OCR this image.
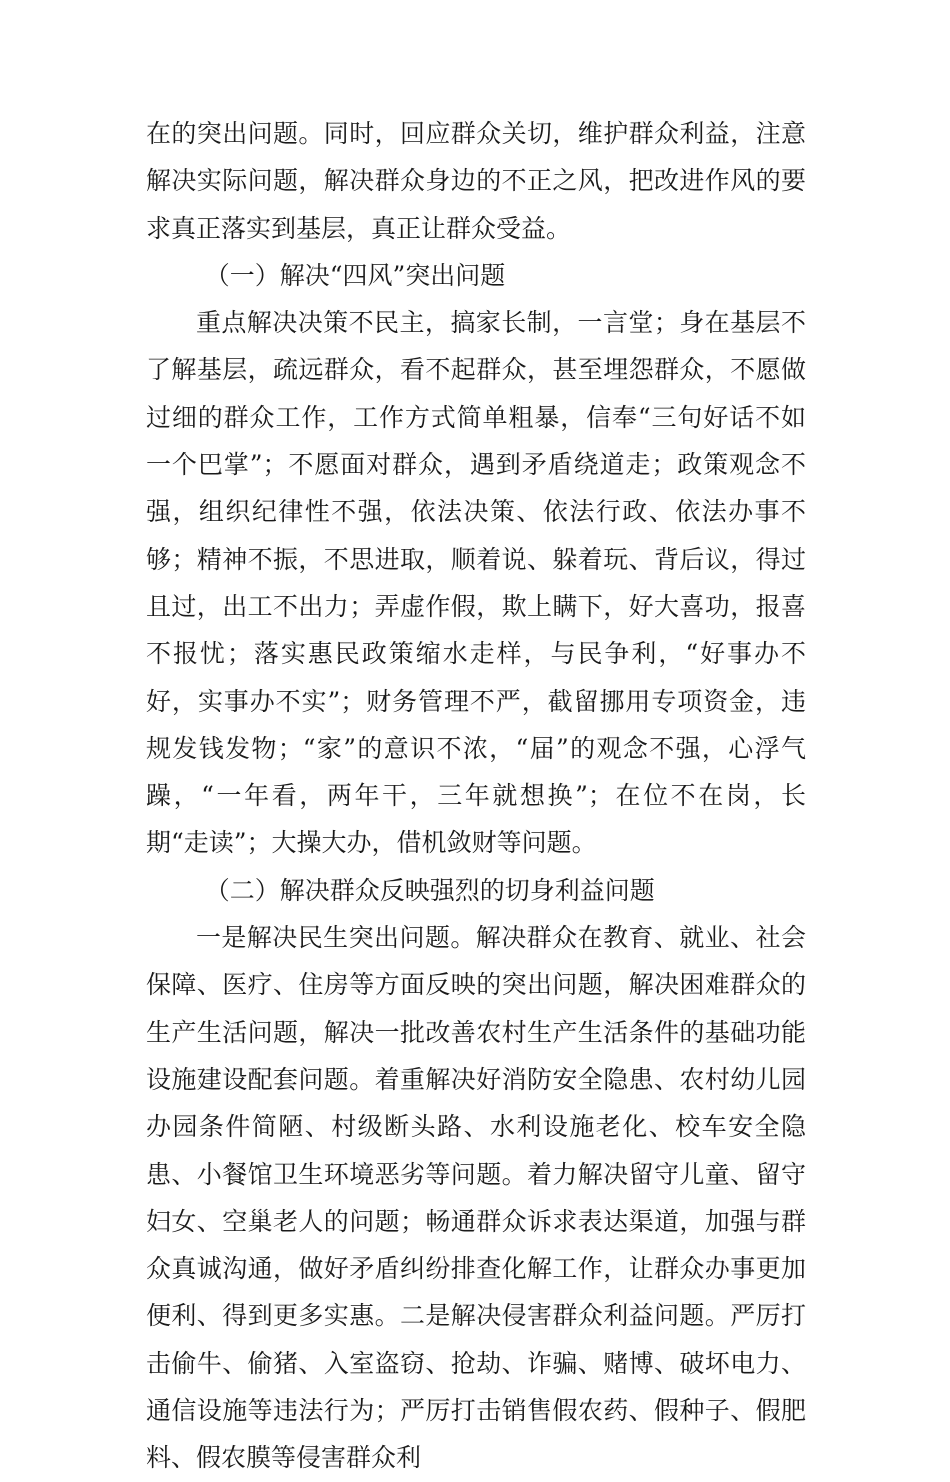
在的突出问题。同时，回应群众关切，维护群众利益，注意解决实际问题，解决群众身边的不正之风，把改进作风的要求真正落实到基层，真正让群众受益。

（一）解决“四风”突出问题

重点解决决策不民主，搞家长制，一言堂；身在基层不了解基层，疏远群众，看不起群众，甚至埋怨群众，不愿做过细的群众工作，工作方式简单粗暴，信奉“三句好话不如一个巴掌”；不愿面对群众，遇到矛盾绕道走；政策观念不强，组织纪律性不强，依法决策、依法行政、依法办事不够；精神不振，不思进取，顺着说、躲着玩、背后议，得过且过，出工不出力；弄虚作假，欺上瞒下，好大喜功，报喜不报忧；落实惠民政策缩水走样，与民争利，“好事办不好，实事办不实”；财务管理不严，截留挪用专项资金，违规发钱发物；“家”的意识不浓，“届”的观念不强，心浮气躁，“一年看，两年干，三年就想换”；在位不在岗，长期“走读”；大操大办，借机敛财等问题。

（二）解决群众反映强烈的切身利益问题

一是解决民生突出问题。解决群众在教育、就业、社会保障、医疗、住房等方面反映的突出问题，解决困难群众的生产生活问题，解决一批改善农村生产生活条件的基础功能设施建设配套问题。着重解决好消防安全隐患、农村幼儿园办园条件简陋、村级断头路、水利设施老化、校车安全隐患、小餐馆卫生环境恶劣等问题。着力解决留守儿童、留守妇女、空巢老人的问题；畅通群众诉求表达渠道，加强与群众真诚沟通，做好矛盾纠纷排查化解工作，让群众办事更加便利、得到更多实惠。二是解决侵害群众利益问题。严厉打击偷牛、偷猪、入室盗窃、抢劫、诈骗、赌博、破坏电力、通信设施等违法行为；严厉打击销售假农药、假种子、假肥料、假农膜等侵害群众利
